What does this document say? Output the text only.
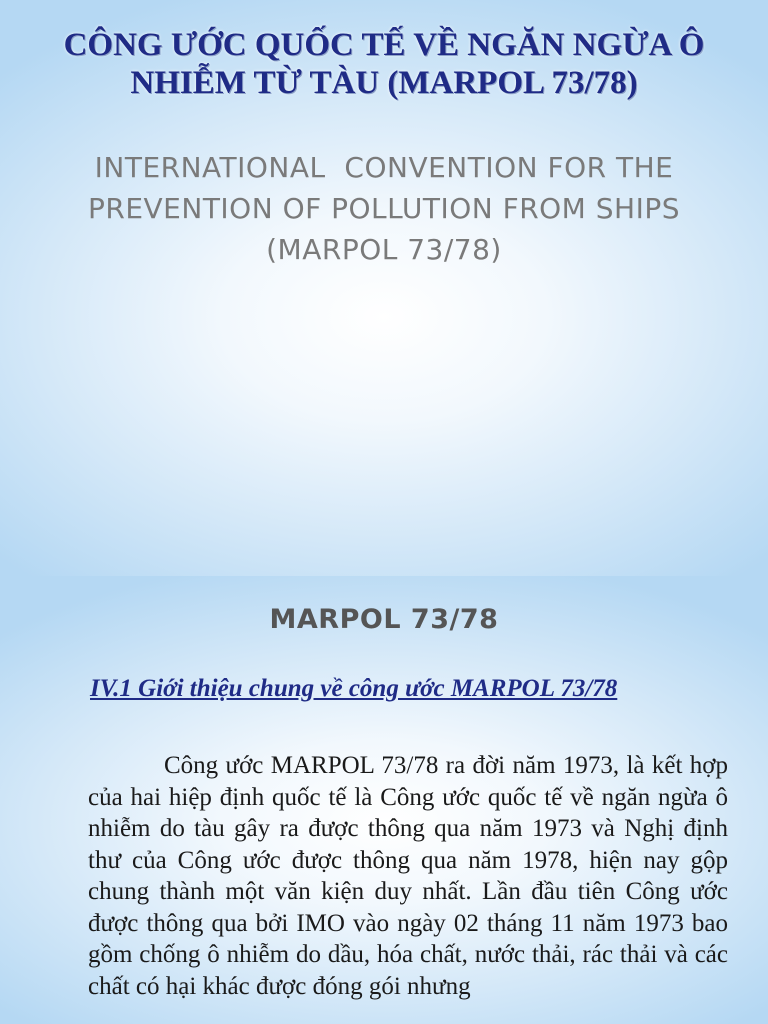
CÔNG ƯỚC QUỐC TẾ VỀ NGĂN NGỪA Ô
NHIỄM TỪ TÀU (MARPOL 73/78)
INTERNATIONAL  CONVENTION FOR THE
PREVENTION OF POLLUTION FROM SHIPS
(MARPOL 73/78)
MARPOL 73/78
IV.1 Giới thiệu chung về công ước MARPOL 73/78
Công ước MARPOL 73/78 ra đời năm 1973, là kết hợp của hai hiệp định quốc tế là Công ước quốc tế về ngăn ngừa ô nhiễm do tàu gây ra được thông qua năm 1973 và Nghị định thư của Công ước được thông qua năm 1978, hiện nay gộp chung thành một văn kiện duy nhất. Lần đầu tiên Công ước được thông qua bởi IMO vào ngày 02 tháng 11 năm 1973 bao gồm chống ô nhiễm do dầu, hóa chất, nước thải, rác thải và các chất có hại khác được đóng gói nhưng
